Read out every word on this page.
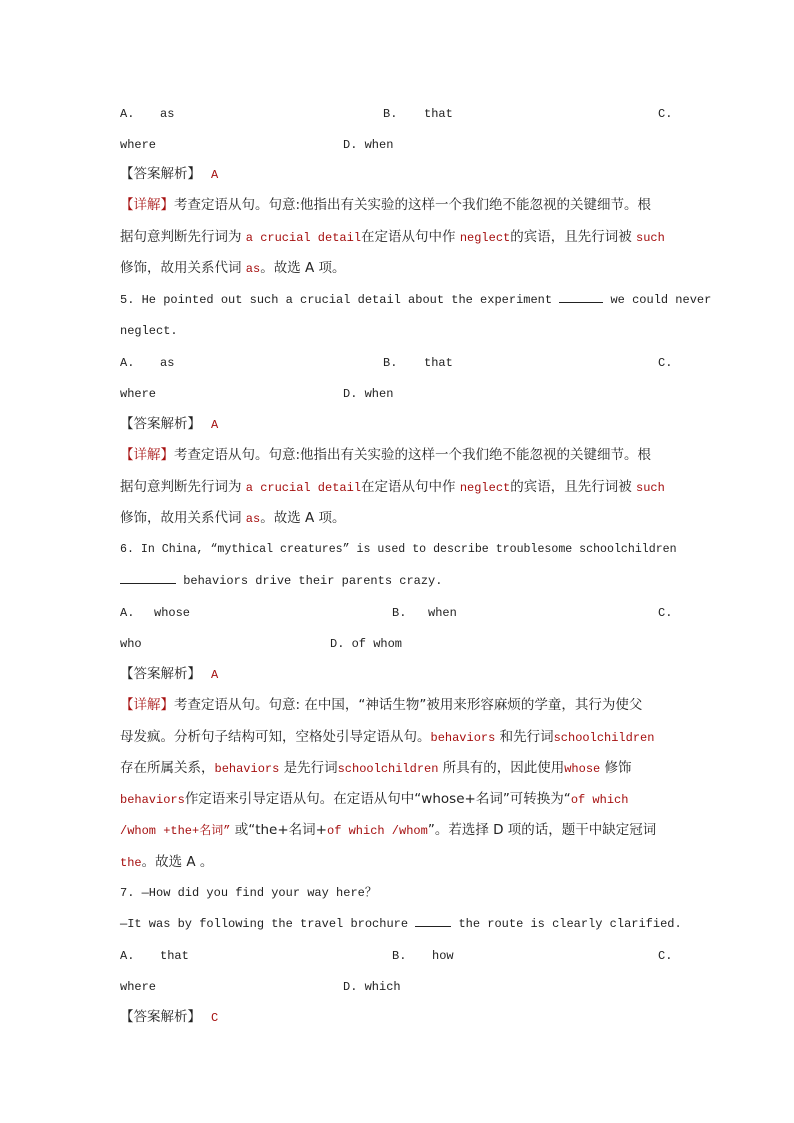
A. as	B. that	C.
where	D. when
【答案解析】 A
【详解】考查定语从句。句意:他指出有关实验的这样一个我们绝不能忽视的关键细节。根
据句意判断先行词为 a crucial detail在定语从句中作 neglect的宾语，且先行词被 such
修饰，故用关系代词 as。故选 A 项。
5. He pointed out such a crucial detail about the experiment	we could never
neglect.
A. as	B. that	C.
where	D. when
【答案解析】 A
【详解】考查定语从句。句意:他指出有关实验的这样一个我们绝不能忽视的关键细节。根
据句意判断先行词为 a crucial detail在定语从句中作 neglect的宾语，且先行词被 such
修饰，故用关系代词 as。故选 A 项。
6. In China, “mythical creatures” is used to describe troublesome schoolchildren
behaviors drive their parents crazy.
A. whose	B. when	C.
who	D. of whom
【答案解析】 A
【详解】考查定语从句。句意: 在中国，“神话生物”被用来形容麻烦的学童，其行为使父
母发疯。分析句子结构可知，空格处引导定语从句。behaviors 和先行词schoolchildren
存在所属关系，behaviors 是先行词schoolchildren 所具有的，因此使用whose 修饰
behaviors作定语来引导定语从句。在定语从句中“whose+名词”可转换为“of which
/whom +the+名词” 或“the+名词+of which /whom”。若选择 D 项的话，题干中缺定冠词
the。故选 A 。
7. —How did you find your way here？
—It was by following the travel brochure	the route is clearly clarified.
A. that	B. how	C.
where	D. which
【答案解析】 C
